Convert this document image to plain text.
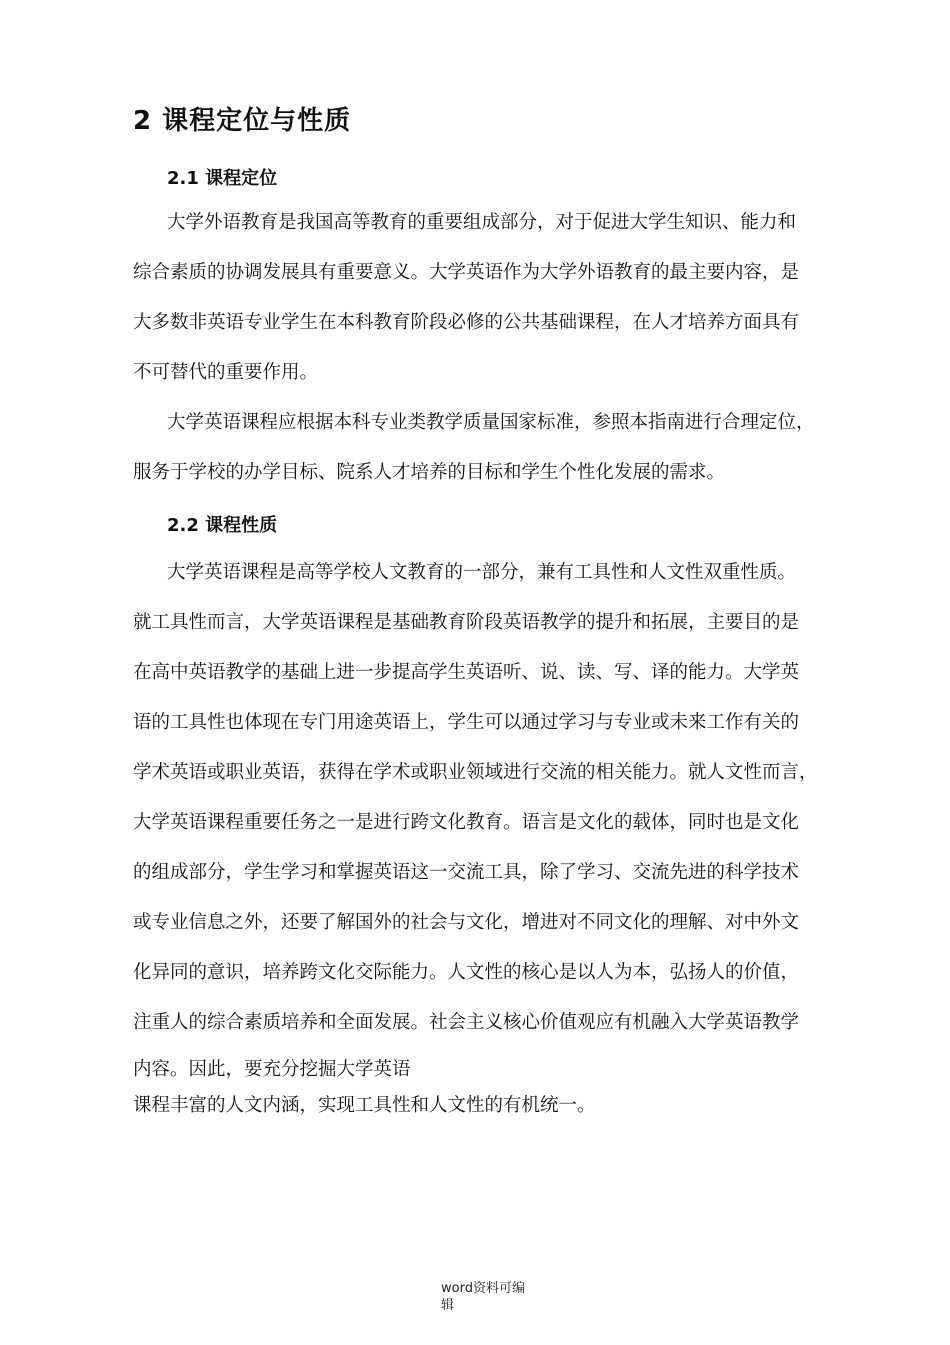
2 课程定位与性质
2.1 课程定位
大学外语教育是我国高等教育的重要组成部分，对于促进大学生知识、能力和
综合素质的协调发展具有重要意义。大学英语作为大学外语教育的最主要内容，是
大多数非英语专业学生在本科教育阶段必修的公共基础课程，在人才培养方面具有
不可替代的重要作用。
大学英语课程应根据本科专业类教学质量国家标准，参照本指南进行合理定位，
服务于学校的办学目标、院系人才培养的目标和学生个性化发展的需求。
2.2 课程性质
大学英语课程是高等学校人文教育的一部分，兼有工具性和人文性双重性质。
就工具性而言，大学英语课程是基础教育阶段英语教学的提升和拓展，主要目的是
在高中英语教学的基础上进一步提高学生英语听、说、读、写、译的能力。大学英
语的工具性也体现在专门用途英语上，学生可以通过学习与专业或未来工作有关的
学术英语或职业英语，获得在学术或职业领域进行交流的相关能力。就人文性而言，
大学英语课程重要任务之一是进行跨文化教育。语言是文化的载体，同时也是文化
的组成部分，学生学习和掌握英语这一交流工具，除了学习、交流先进的科学技术
或专业信息之外，还要了解国外的社会与文化，增进对不同文化的理解、对中外文
化异同的意识，培养跨文化交际能力。人文性的核心是以人为本，弘扬人的价值，
注重人的综合素质培养和全面发展。社会主义核心价值观应有机融入大学英语教学
内容。因此，要充分挖掘大学英语
课程丰富的人文内涵，实现工具性和人文性的有机统一。
word资料可编
辑
